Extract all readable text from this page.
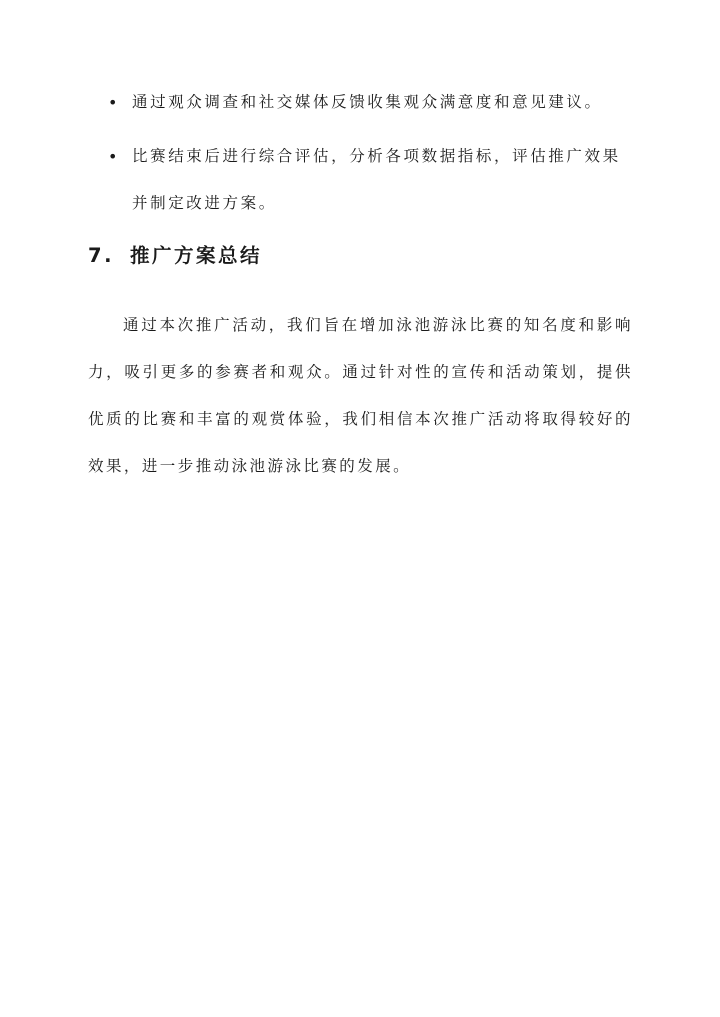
• 通过观众调查和社交媒体反馈收集观众满意度和意见建议。
• 比赛结束后进行综合评估，分析各项数据指标，评估推广效果并制定改进方案。
7. 推广方案总结

通过本次推广活动，我们旨在增加泳池游泳比赛的知名度和影响力，吸引更多的参赛者和观众。通过针对性的宣传和活动策划，提供优质的比赛和丰富的观赏体验，我们相信本次推广活动将取得较好的效果，进一步推动泳池游泳比赛的发展。
